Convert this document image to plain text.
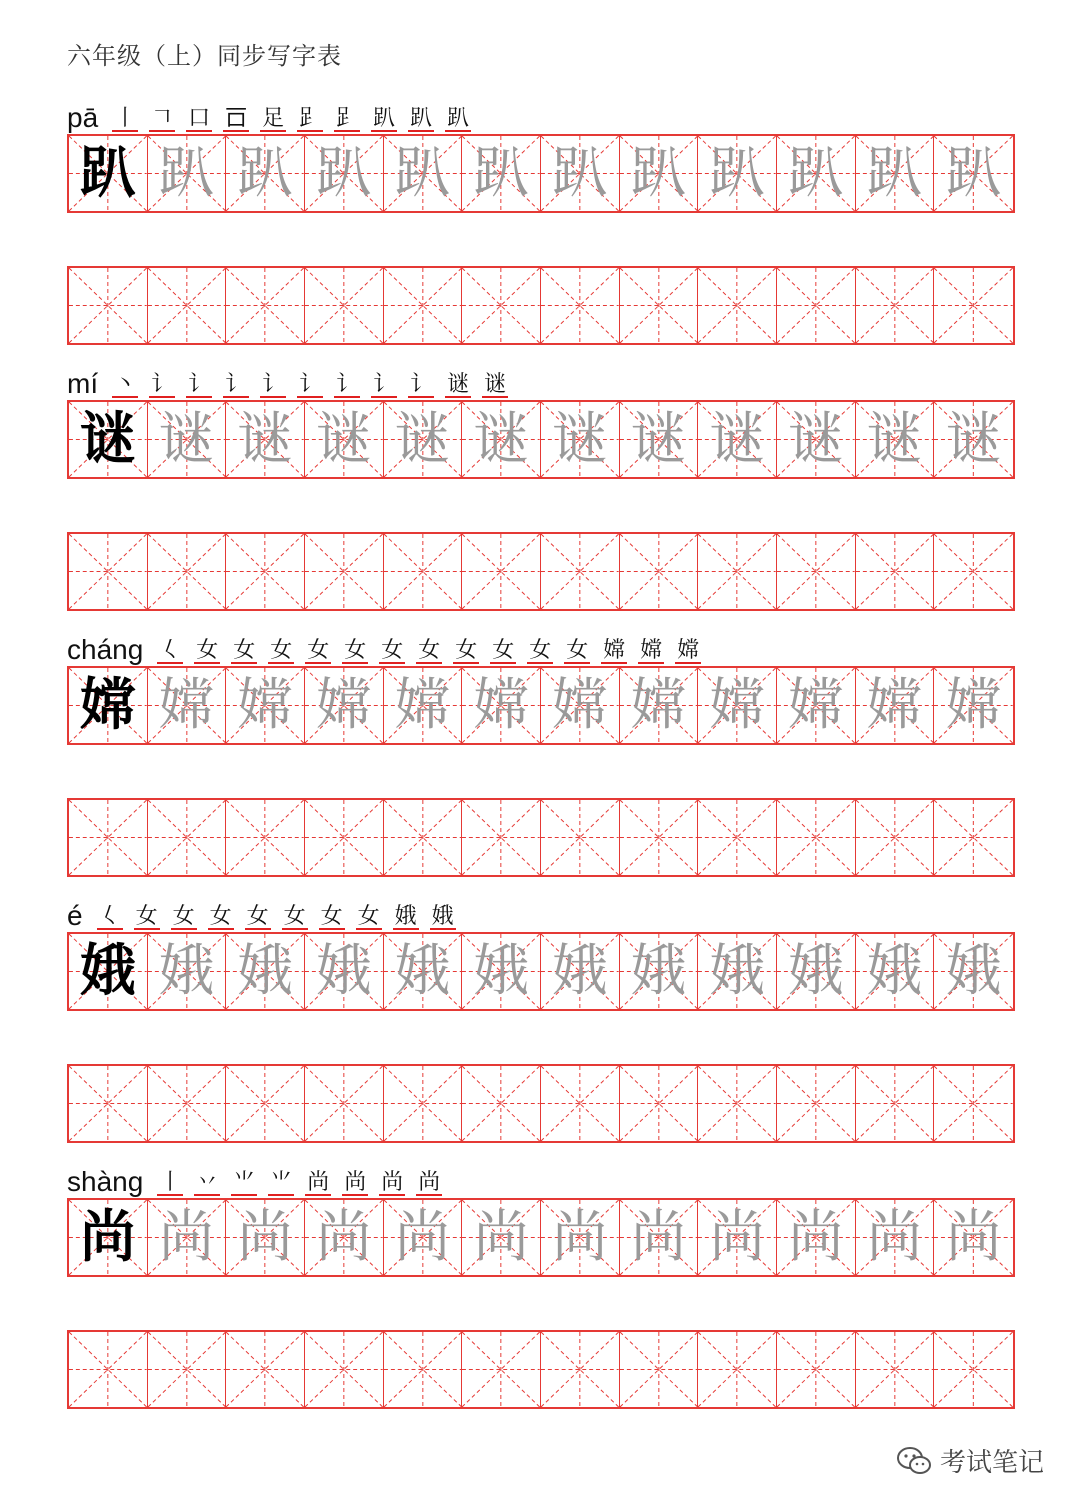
六年级（上）同步写字表
pā 丨 𠃍 口 𠮛 足 𧾷 𧾷 趴 趴 趴
趴 趴 趴 趴 趴 趴 趴 趴 趴 趴 趴 趴
mí 丶 讠 讠 讠 讠 讠 讠 讠 讠 谜 谜
谜 谜 谜 谜 谜 谜 谜 谜 谜 谜 谜 谜
cháng 𡿨 女 女 女 女 女 女 女 女 女 女 女 嫦 嫦 嫦
嫦 嫦 嫦 嫦 嫦 嫦 嫦 嫦 嫦 嫦 嫦 嫦
é 𡿨 女 女 女 女 女 女 女 娥 娥
娥 娥 娥 娥 娥 娥 娥 娥 娥 娥 娥 娥
shàng 丨 丷 ⺌ ⺌ 尚 尚 尚 尚
尚 尚 尚 尚 尚 尚 尚 尚 尚 尚 尚 尚
考试笔记
